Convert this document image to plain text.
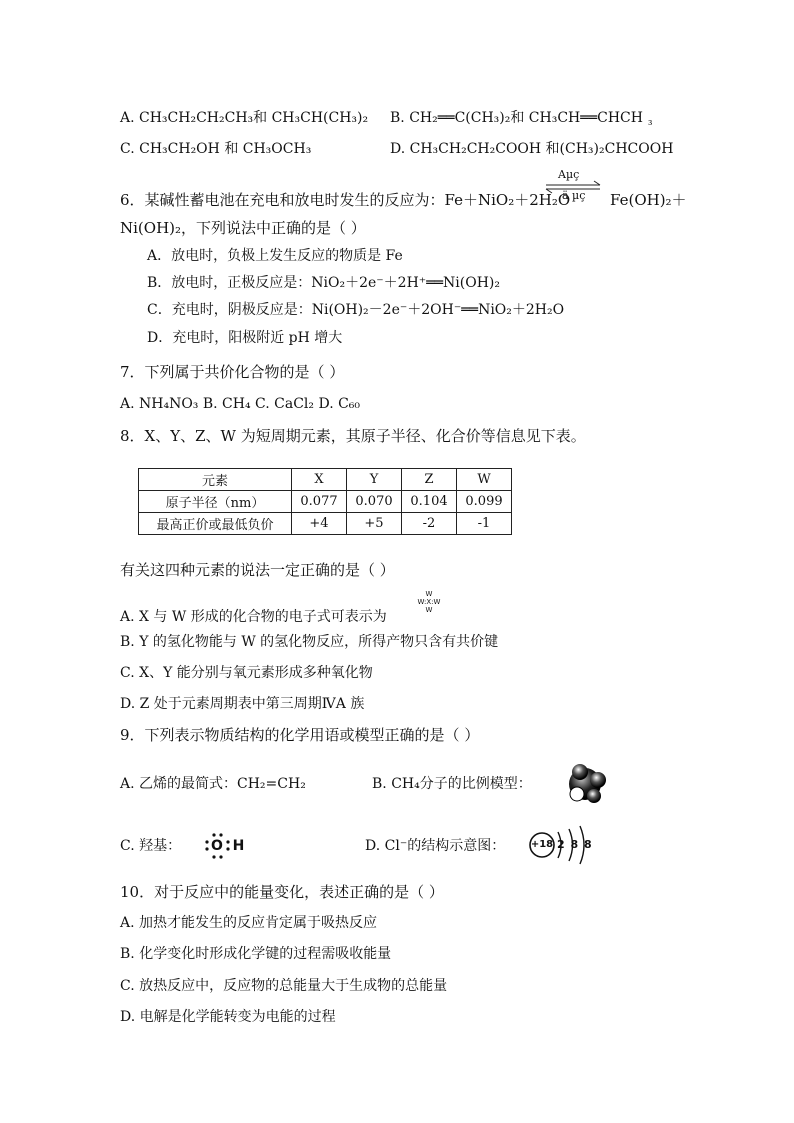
A. CH₃CH₂CH₂CH₃和 CH₃CH(CH₃)₂ B. CH₂══C(CH₃)₂和 CH₃CH══CHCH ₃
C. CH₃CH₂OH 和 CH₃OCH₃	D. CH₃CH₂CH₂COOH 和(CH₃)₂CHCOOH
6．某碱性蓄电池在充电和放电时发生的反应为：Fe＋NiO₂＋2H₂O
Aµç
ä µç Fe(OH)₂＋
Ni(OH)₂，下列说法中正确的是（ ）
A．放电时，负极上发生反应的物质是 Fe
B．放电时，正极反应是：NiO₂＋2e⁻＋2H⁺══Ni(OH)₂
C．充电时，阴极反应是：Ni(OH)₂－2e⁻＋2OH⁻══NiO₂＋2H₂O
D．充电时，阳极附近 pH 增大
7．下列属于共价化合物的是（ ）
A. NH₄NO₃ B. CH₄ C. CaCl₂ D. C₆₀
8．X、Y、Z、W 为短周期元素，其原子半径、化合价等信息见下表。
元素	X	Y	Z	W
原子半径（nm）	0.077	0.070	0.104	0.099
最高正价或最低负价	+4	+5	-2	-1
有关这四种元素的说法一定正确的是（ ）
A. X 与 W 形成的化合物的电子式可表示为
W
W:X:W
W
B. Y 的氢化物能与 W 的氢化物反应，所得产物只含有共价键
C. X、Y 能分别与氧元素形成多种氧化物
D. Z 处于元素周期表中第三周期ⅣA 族
9．下列表示物质结构的化学用语或模型正确的是（ ）
A. 乙烯的最简式：CH₂=CH₂	B. CH₄分子的比例模型：
C. 羟基： O  H	D. Cl⁻的结构示意图：	+18 2 8 8
10．对于反应中的能量变化，表述正确的是（ ）
A. 加热才能发生的反应肯定属于吸热反应
B. 化学变化时形成化学键的过程需吸收能量
C. 放热反应中，反应物的总能量大于生成物的总能量
D. 电解是化学能转变为电能的过程
